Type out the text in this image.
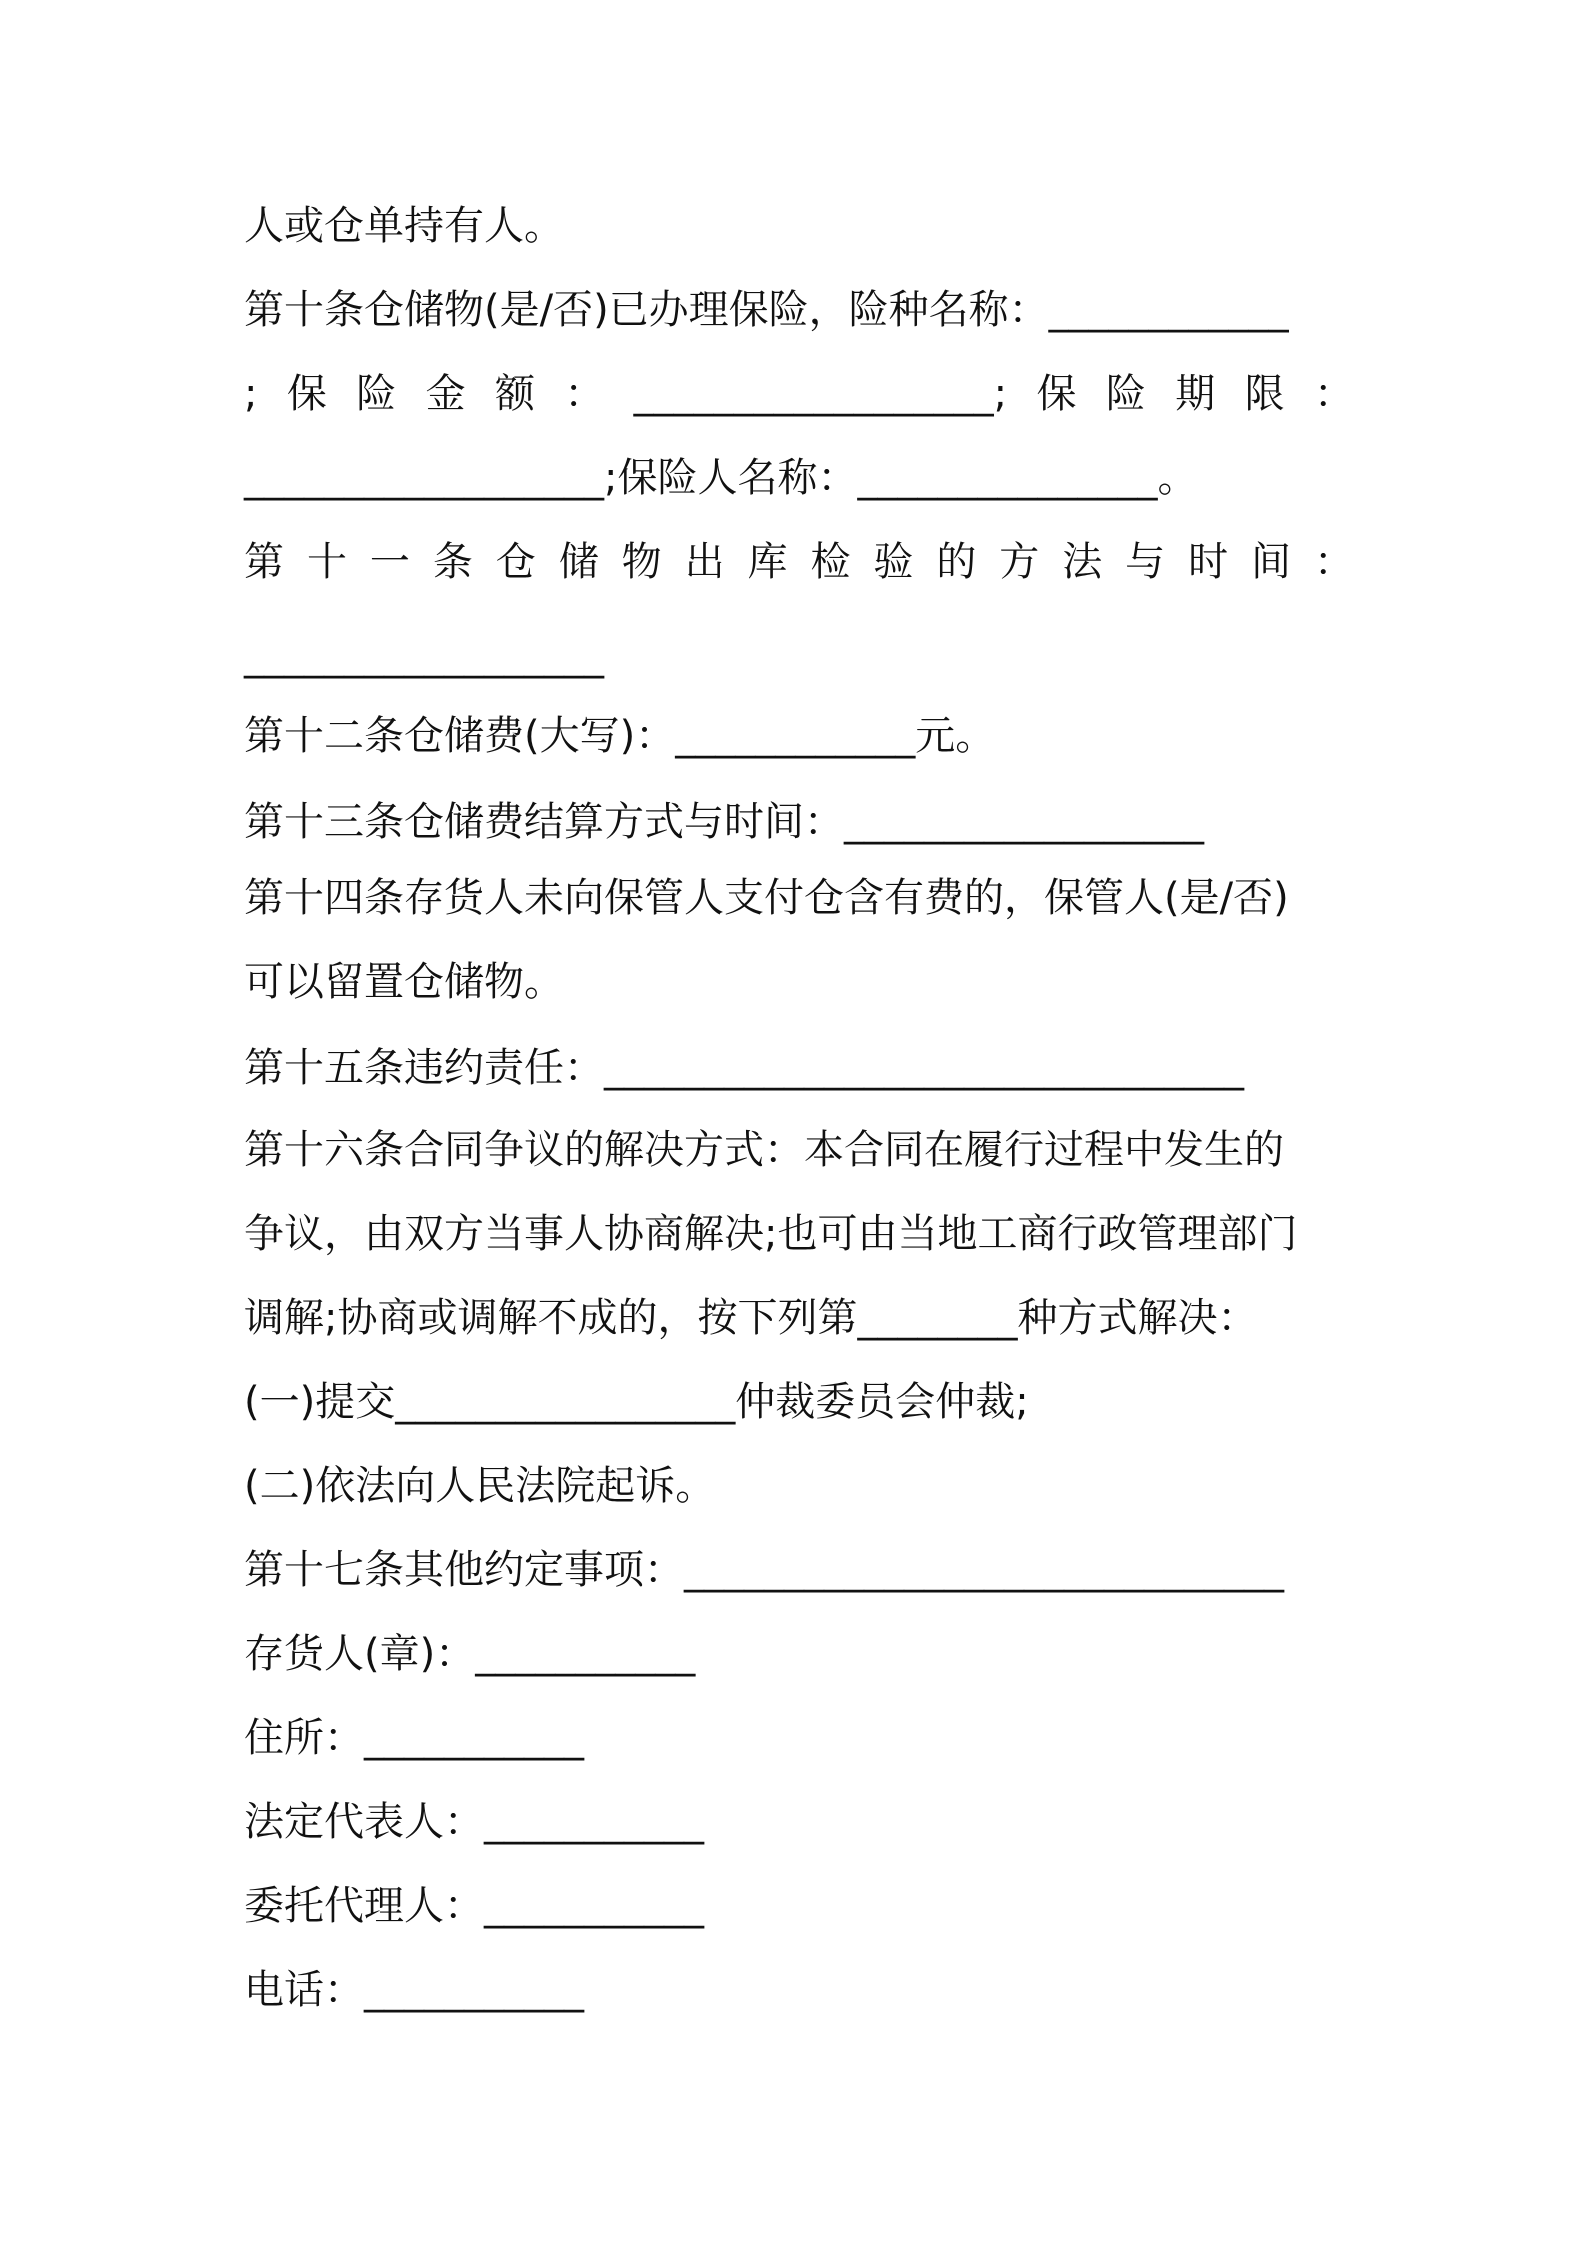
人或仓单持有人。
第十条仓储物(是/否)已办理保险，险种名称：____________
;保险金额：__________________;保险期限：
__________________;保险人名称：_______________。
第十一条仓储物出库检验的方法与时间：
__________________
第十二条仓储费(大写)：____________元。
第十三条仓储费结算方式与时间：__________________
第十四条存货人未向保管人支付仓含有费的，保管人(是/否)
可以留置仓储物。
第十五条违约责任：________________________________
第十六条合同争议的解决方式：本合同在履行过程中发生的
争议，由双方当事人协商解决;也可由当地工商行政管理部门
调解;协商或调解不成的，按下列第________种方式解决：
(一)提交_________________仲裁委员会仲裁;
(二)依法向人民法院起诉。
第十七条其他约定事项：______________________________
存货人(章)：___________
住所：___________
法定代表人：___________
委托代理人：___________
电话：___________
